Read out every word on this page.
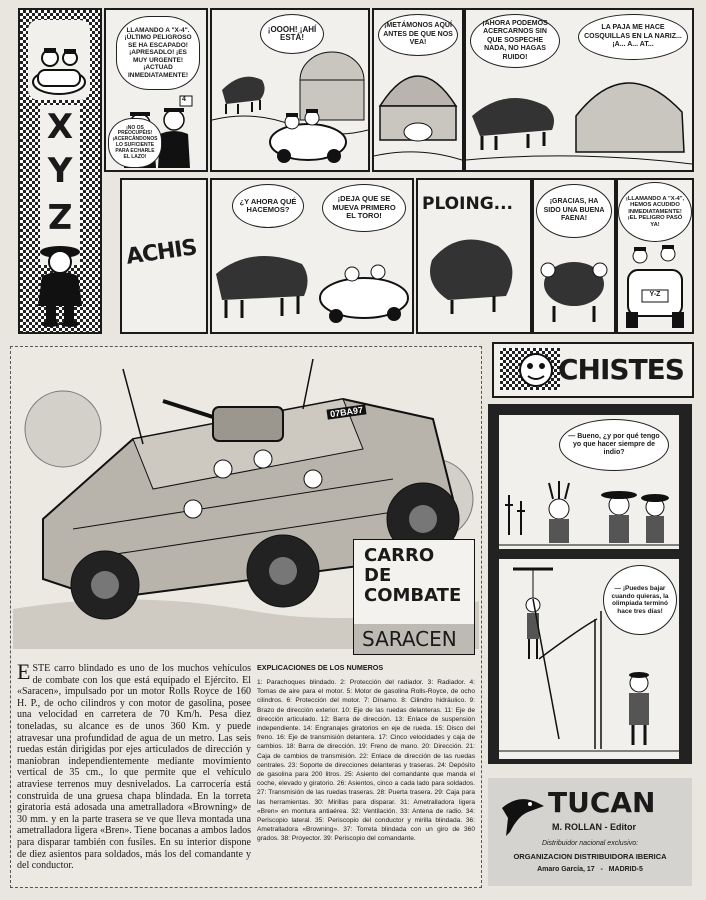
X
Y
Z
LLAMANDO A "X-4". ¡ÚLTIMO PELIGROSO SE HA ESCAPADO! ¡APRESADLO! ¡ES MUY URGENTE! ¡ACTUAD INMEDIATAMENTE!
4
¡NO OS PREOCUPÉIS! ¡ACERCÁNDONOS LO SUFICIENTE PARA ECHARLE EL LAZO!
¡OOOH! ¡AHÍ ESTÁ!
¡METÁMONOS AQUÍ ANTES DE QUE NOS VEA!
¡AHORA PODEMOS ACERCARNOS SIN QUE SOSPECHE NADA, NO HAGAS RUIDO!
LA PAJA ME HACE COSQUILLAS EN LA NARIZ... ¡A... A... AT...
ACHIS
¿Y AHORA QUÉ HACEMOS?
¡DEJA QUE SE MUEVA PRIMERO EL TORO!
PLOING...	¡GRACIAS, HA SIDO UNA BUENA FAENA!
¡LLAMANDO A "X-4", HEMOS ACUDIDO INMEDIATAMENTE! ¡EL PELIGRO PASÓ YA!
Y-Z
07BA97
CARRO
DE
COMBATE
SARACEN
ESTE carro blindado es uno de los muchos vehículos de combate con los que está equipado el Ejército. El «Saracen», impulsado por un motor Rolls Royce de 160 H. P., de ocho cilindros y con motor de gasolina, posee una velocidad en carretera de 70 Km/h. Pesa diez toneladas, su alcance es de unos 360 Km. y puede atravesar una profundidad de agua de un metro. Las seis ruedas están dirigidas por ejes articulados de dirección y maniobran independientemente mediante movimiento vertical de 35 cm., lo que permite que el vehículo atraviese terrenos muy desnivelados. La carrocería está construida de una gruesa chapa blindada. En la torreta giratoria está adosada una ametralladora «Browning» de 30 mm. y en la parte trasera se ve que lleva montada una ametralladora ligera «Bren». Tiene bocanas a ambos lados para disparar también con fusiles. En su interior dispone de diez asientos para soldados, más los del comandante y del conductor.
EXPLICACIONES DE LOS NUMEROS
1: Parachoques blindado. 2: Protección del radiador. 3: Radiador. 4: Tomas de aire para el motor. 5: Motor de gasolina Rolls-Royce, de ocho cilindros. 6: Protección del motor. 7: Dínamo. 8: Cilindro hidráulico. 9: Brazo de dirección exterior. 10: Eje de las ruedas delanteras. 11: Eje de dirección articulado. 12: Barra de dirección. 13: Enlace de suspensión independiente. 14: Engranajes giratorios en eje de rueda. 15: Disco del freno. 16: Eje de transmisión delantera. 17: Cinco velocidades y caja de cambios. 18: Barra de dirección. 19: Freno de mano. 20: Dirección. 21: Caja de cambios de transmisión. 22: Enlace de dirección de las ruedas centrales. 23: Soporte de direcciones delanteras y traseras. 24: Depósito de gasolina para 200 litros. 25: Asiento del comandante que manda el coche, elevado y giratorio. 26: Asientos, cinco a cada lado para soldados. 27: Transmisión de las ruedas traseras. 28: Puerta trasera. 29: Caja para las herramientas. 30: Mirillas para disparar. 31: Ametralladora ligera «Bren» en montura antiaérea. 32: Ventilación. 33: Antena de radio. 34: Periscopio lateral. 35: Periscopio del conductor y mirilla blindada. 36: Ametralladora «Browning». 37: Torreta blindada con un giro de 360 grados. 38: Proyector. 39: Periscopio del comandante.
CHISTES
— Bueno, ¿y por qué tengo yo que hacer siempre de indio?
— ¡Puedes bajar cuando quieras, la olimpiada terminó hace tres días!
TUCAN
M. ROLLAN - Editor
Distribuidor nacional exclusivo:
ORGANIZACION DISTRIBUIDORA IBERICA
Amaro García, 17   -   MADRID-5
